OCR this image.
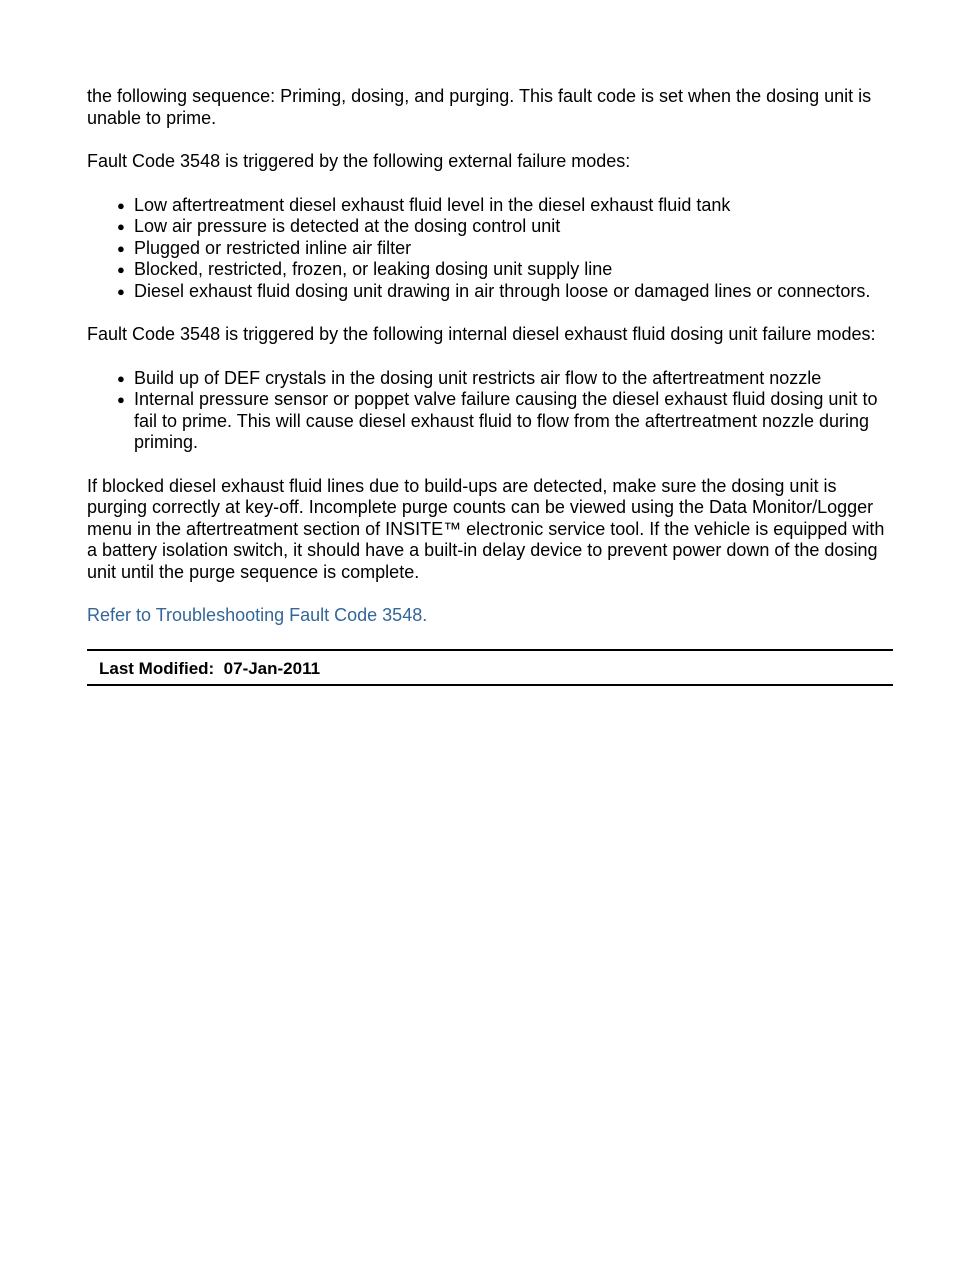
the following sequence: Priming, dosing, and purging. This fault code is set when the dosing unit is unable to prime.

Fault Code 3548 is triggered by the following external failure modes:

● Low aftertreatment diesel exhaust fluid level in the diesel exhaust fluid tank
● Low air pressure is detected at the dosing control unit
● Plugged or restricted inline air filter
● Blocked, restricted, frozen, or leaking dosing unit supply line
● Diesel exhaust fluid dosing unit drawing in air through loose or damaged lines or connectors.

Fault Code 3548 is triggered by the following internal diesel exhaust fluid dosing unit failure modes:

● Build up of DEF crystals in the dosing unit restricts air flow to the aftertreatment nozzle
● Internal pressure sensor or poppet valve failure causing the diesel exhaust fluid dosing unit to fail to prime. This will cause diesel exhaust fluid to flow from the aftertreatment nozzle during priming.

If blocked diesel exhaust fluid lines due to build-ups are detected, make sure the dosing unit is purging correctly at key-off. Incomplete purge counts can be viewed using the Data Monitor/Logger menu in the aftertreatment section of INSITE™ electronic service tool. If the vehicle is equipped with a battery isolation switch, it should have a built-in delay device to prevent power down of the dosing unit until the purge sequence is complete.

Refer to Troubleshooting Fault Code 3548.

Last Modified:  07-Jan-2011
